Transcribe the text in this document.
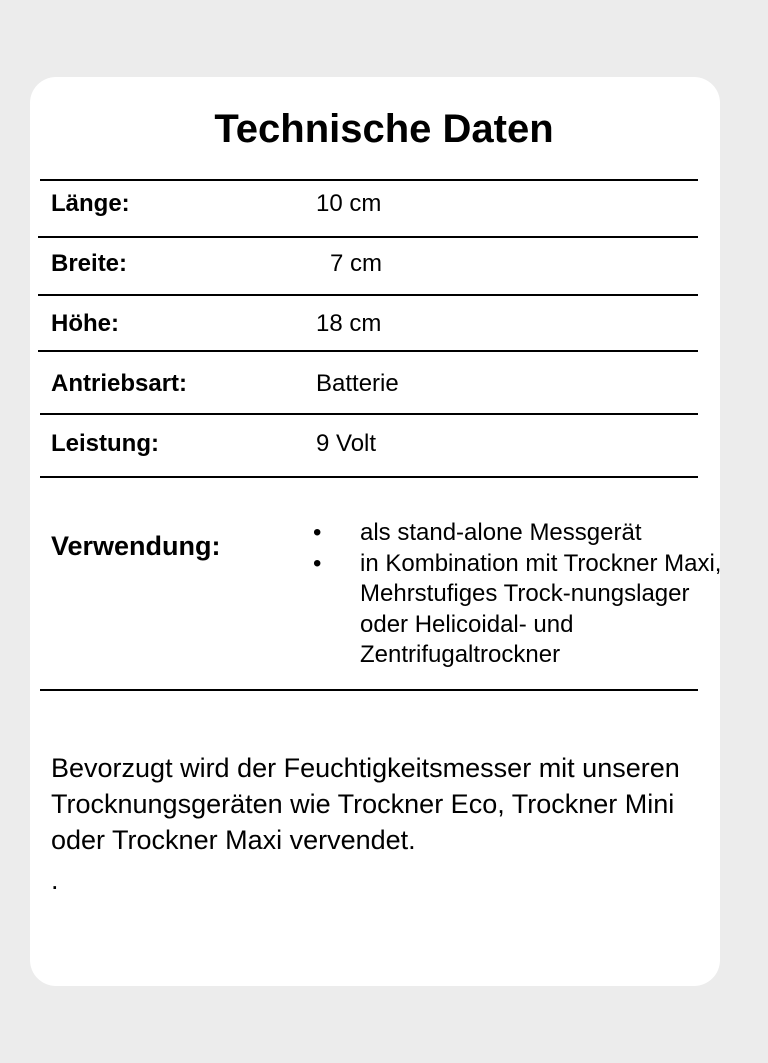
Technische Daten
Länge:	10 cm
Breite:	7 cm
Höhe:	18 cm
Antriebsart:	Batterie
Leistung:	9 Volt
Verwendung:	• als stand-alone Messgerät
• in Kombination mit Trockner Maxi, Mehrstufiges Trock-nungslager oder Helicoidal- und Zentrifugaltrockner

Bevorzugt wird der Feuchtigkeitsmesser mit unseren Trocknungsgeräten wie Trockner Eco, Trockner Mini oder Trockner Maxi vervendet.

.
